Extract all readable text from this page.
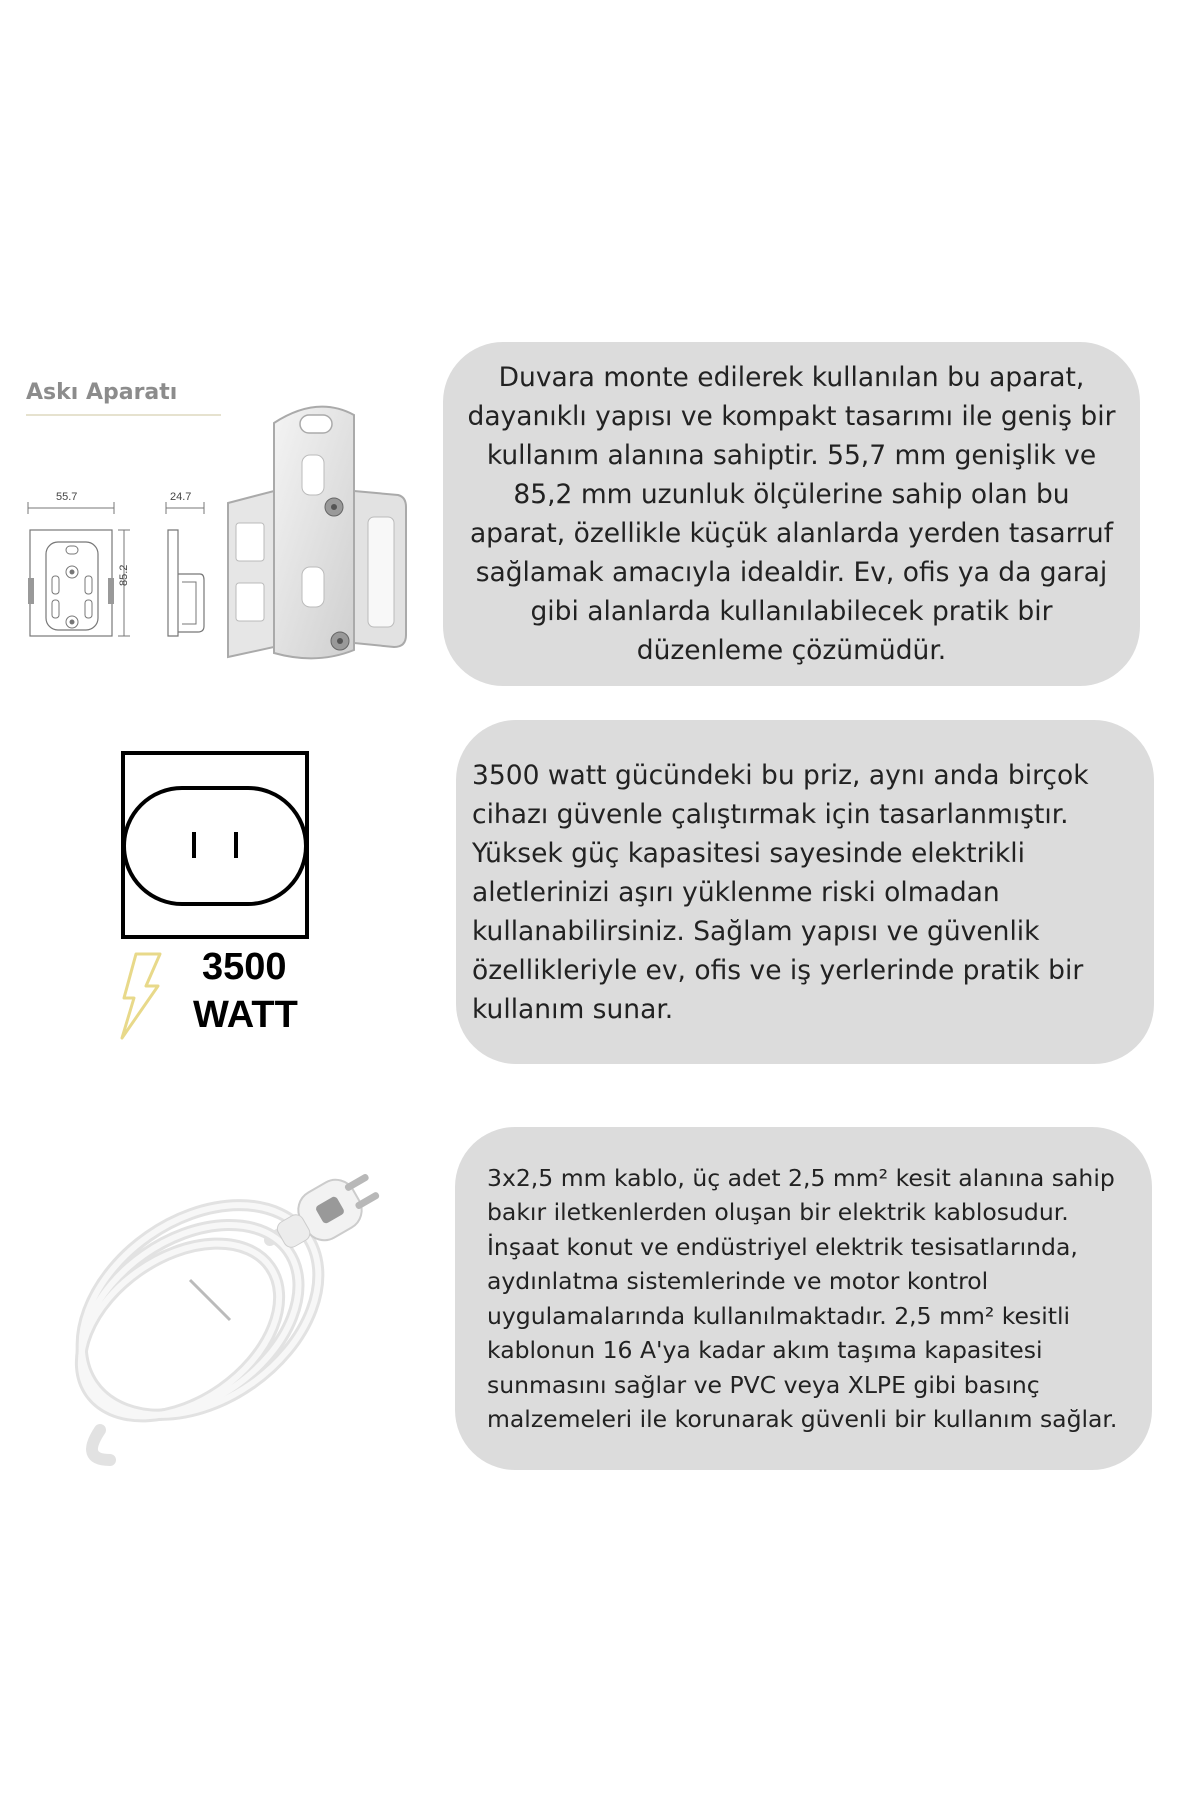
Askı Aparatı
55.7
85.2
24.7

Duvara monte edilerek kullanılan bu aparat, dayanıklı yapısı ve kompakt tasarımı ile geniş bir kullanım alanına sahiptir. 55,7 mm genişlik ve 85,2 mm uzunluk ölçülerine sahip olan bu aparat, özellikle küçük alanlarda yerden tasarruf sağlamak amacıyla idealdir. Ev, ofis ya da garaj gibi alanlarda kullanılabilecek pratik bir düzenleme çözümüdür.

3500
WATT

3500 watt gücündeki bu priz, aynı anda birçok cihazı güvenle çalıştırmak için tasarlanmıştır. Yüksek güç kapasitesi sayesinde elektrikli aletlerinizi aşırı yüklenme riski olmadan kullanabilirsiniz. Sağlam yapısı ve güvenlik özellikleriyle ev, ofis ve iş yerlerinde pratik bir kullanım sunar.

3x2,5 mm kablo, üç adet 2,5 mm² kesit alanına sahip bakır iletkenlerden oluşan bir elektrik kablosudur. İnşaat konut ve endüstriyel elektrik tesisatlarında, aydınlatma sistemlerinde ve motor kontrol uygulamalarında kullanılmaktadır. 2,5 mm² kesitli kablonun 16 A'ya kadar akım taşıma kapasitesi sunmasını sağlar ve PVC veya XLPE gibi basınç malzemeleri ile korunarak güvenli bir kullanım sağlar.
